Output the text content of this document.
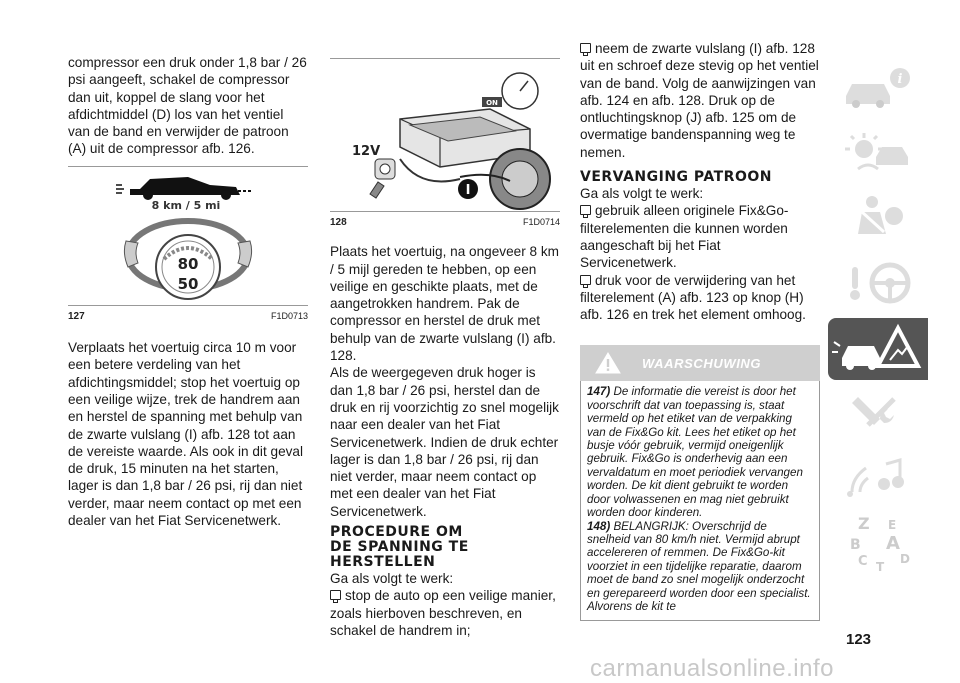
compressor een druk onder 1,8 bar / 26 psi aangeeft, schakel de compressor dan uit, koppel de slang voor het afdichtmiddel (D) los van het ventiel van de band en verwijder de patroon (A) uit de compressor afb. 126.

8 km / 5 mi
80
50
127	F1D0713

Verplaats het voertuig circa 10 m voor een betere verdeling van het afdichtingsmiddel; stop het voertuig op een veilige wijze, trek de handrem aan en herstel de spanning met behulp van de zwarte vulslang (I) afb. 128 tot aan de vereiste waarde. Als ook in dit geval de druk, 15 minuten na het starten, lager is dan 1,8 bar / 26 psi, rij dan niet verder, maar neem contact op met een dealer van het Fiat Servicenetwerk.

ON
12V
I
128	F1D0714

Plaats het voertuig, na ongeveer 8 km / 5 mijl gereden te hebben, op een veilige en geschikte plaats, met de aangetrokken handrem. Pak de compressor en herstel de druk met behulp van de zwarte vulslang (I) afb. 128.

Als de weergegeven druk hoger is dan 1,8 bar / 26 psi, herstel dan de druk en rij voorzichtig zo snel mogelijk naar een dealer van het Fiat Servicenetwerk. Indien de druk echter lager is dan 1,8 bar / 26 psi, rij dan niet verder, maar neem contact op met een dealer van het Fiat Servicenetwerk.

PROCEDURE OM
DE SPANNING TE
HERSTELLEN

Ga als volgt te werk:

stop de auto op een veilige manier, zoals hierboven beschreven, en schakel de handrem in;

neem de zwarte vulslang (I) afb. 128 uit en schroef deze stevig op het ventiel van de band. Volg de aanwijzingen van afb. 124 en afb. 128. Druk op de ontluchtingsknop (J) afb. 125 om de overmatige bandenspanning weg te nemen.

VERVANGING PATROON

Ga als volgt te werk:

gebruik alleen originele Fix&Go-filterelementen die kunnen worden aangeschaft bij het Fiat Servicenetwerk.

druk voor de verwijdering van het filterelement (A) afb. 123 op knop (H) afb. 126 en trek het element omhoog.

WAARSCHUWING
147) De informatie die vereist is door het voorschrift dat van toepassing is, staat vermeld op het etiket van de verpakking van de Fix&Go kit. Lees het etiket op het busje vóór gebruik, vermijd oneigenlijk gebruik. Fix&Go is onderhevig aan een vervaldatum en moet periodiek vervangen worden. De kit dient gebruikt te worden door volwassenen en mag niet gebruikt worden door kinderen.
148) BELANGRIJK: Overschrijd de snelheid van 80 km/h niet. Vermijd abrupt accelereren of remmen. De Fix&Go-kit voorziet in een tijdelijke reparatie, daarom moet de band zo snel mogelijk onderzocht en gerepareerd worden door een specialist. Alvorens de kit te
i
Z E
B A
C T
D
123
carmanualsonline.info
